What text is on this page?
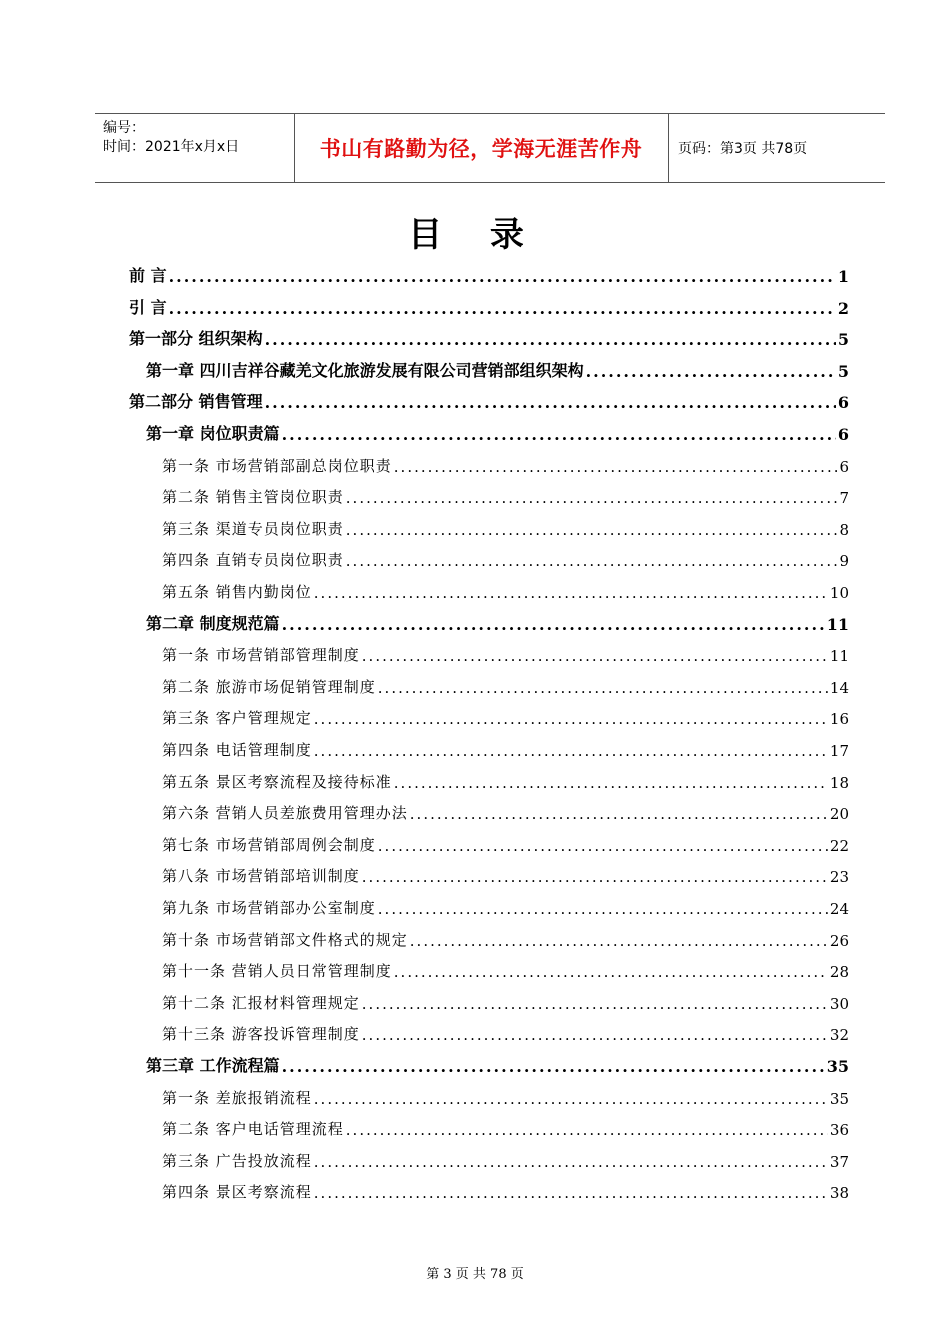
编号：
时间：2021年x月x日	书山有路勤为径，学海无涯苦作舟	页码：第3页 共78页
目 录
前 言 .....	1
引 言 .....	2
第一部分 组织架构 .....	5
第一章 四川吉祥谷藏羌文化旅游发展有限公司营销部组织架构 .....	5
第二部分 销售管理 .....	6
第一章 岗位职责篇 .....	6
第一条 市场营销部副总岗位职责 .....	6
第二条 销售主管岗位职责 .....	7
第三条 渠道专员岗位职责 .....	8
第四条 直销专员岗位职责 .....	9
第五条 销售内勤岗位 .....	10
第二章 制度规范篇 .....	11
第一条 市场营销部管理制度 .....	11
第二条 旅游市场促销管理制度 .....	14
第三条 客户管理规定 .....	16
第四条 电话管理制度 .....	17
第五条 景区考察流程及接待标准 .....	18
第六条 营销人员差旅费用管理办法 .....	20
第七条 市场营销部周例会制度 .....	22
第八条 市场营销部培训制度 .....	23
第九条 市场营销部办公室制度 .....	24
第十条 市场营销部文件格式的规定 .....	26
第十一条 营销人员日常管理制度 .....	28
第十二条 汇报材料管理规定 .....	30
第十三条 游客投诉管理制度 .....	32
第三章 工作流程篇 .....	35
第一条 差旅报销流程 .....	35
第二条 客户电话管理流程 .....	36
第三条 广告投放流程 .....	37
第四条 景区考察流程 .....	38
第 3 页 共 78 页
